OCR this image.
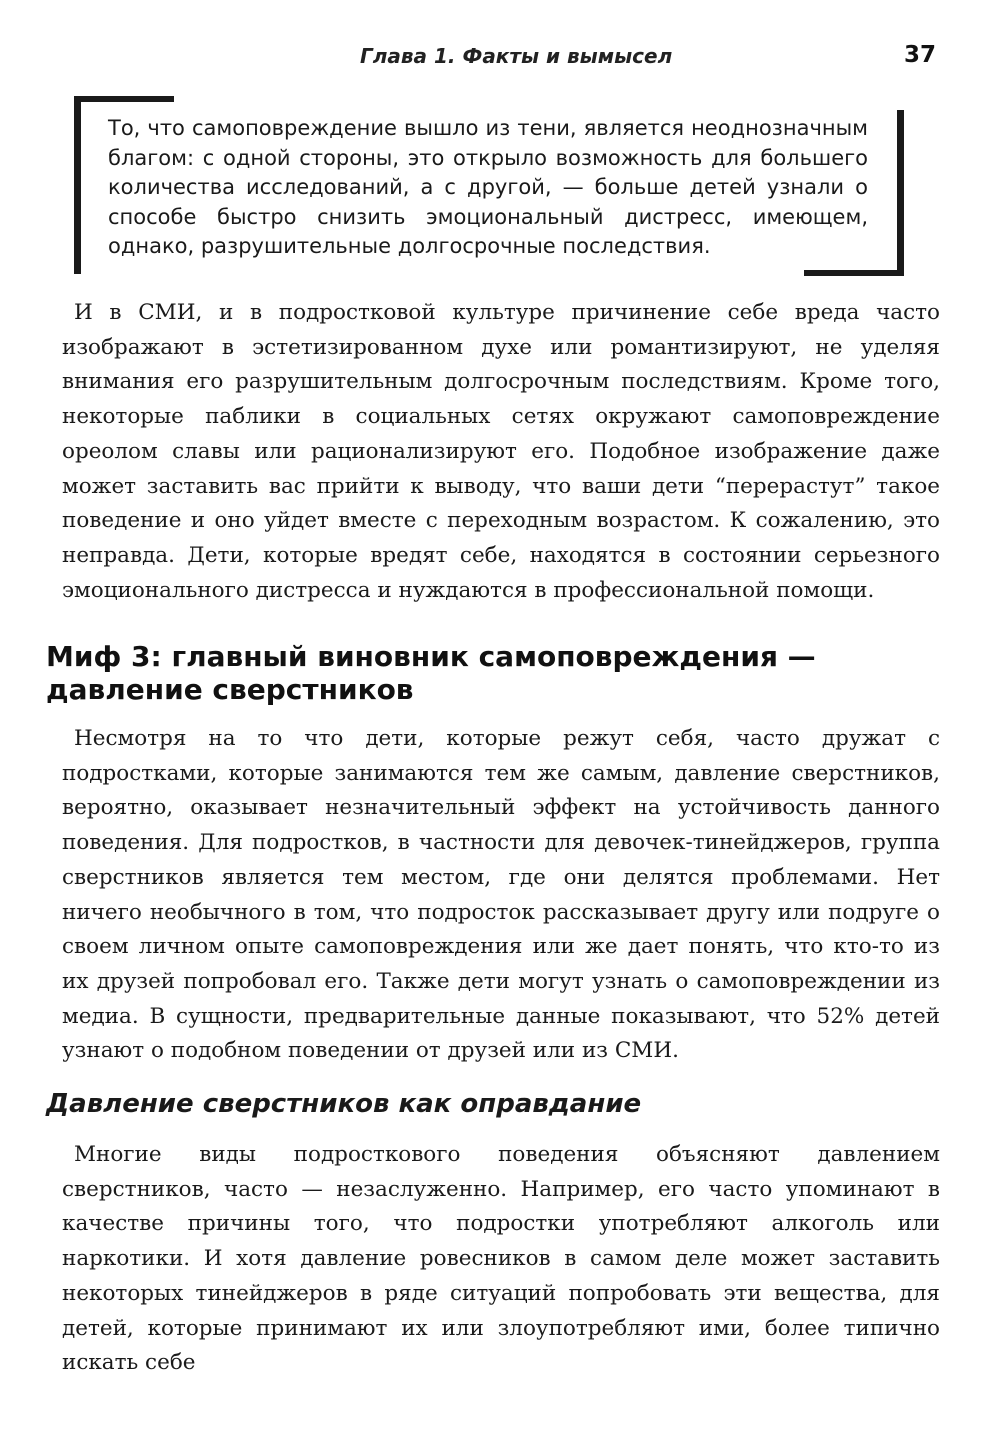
Глава 1. Факты и вымысел	37
То, что самоповреждение вышло из тени, является неоднозначным благом: с одной стороны, это открыло возможность для большего количества исследований, а с другой, — больше детей узнали о способе быстро снизить эмоциональный дистресс, имеющем, однако, разрушительные долгосрочные последствия.

И в СМИ, и в подростковой культуре причинение себе вреда часто изображают в эстетизированном духе или романтизируют, не уделяя внимания его разрушительным долгосрочным последствиям. Кроме того, некоторые паблики в социальных сетях окружают самоповреждение ореолом славы или рационализируют его. Подобное изображение даже может заставить вас прийти к выводу, что ваши дети “перерастут” такое поведение и оно уйдет вместе с переходным возрастом. К сожалению, это неправда. Дети, которые вредят себе, находятся в состоянии серьезного эмоционального дистресса и нуждаются в профессиональной помощи.

Миф 3: главный виновник самоповреждения — давление сверстников

Несмотря на то что дети, которые режут себя, часто дружат с подростками, которые занимаются тем же самым, давление сверстников, вероятно, оказывает незначительный эффект на устойчивость данного поведения. Для подростков, в частности для девочек-тинейджеров, группа сверстников является тем местом, где они делятся проблемами. Нет ничего необычного в том, что подросток рассказывает другу или подруге о своем личном опыте самоповреждения или же дает понять, что кто-то из их друзей попробовал его. Также дети могут узнать о самоповреждении из медиа. В сущности, предварительные данные показывают, что 52% детей узнают о подобном поведении от друзей или из СМИ.

Давление сверстников как оправдание

Многие виды подросткового поведения объясняют давлением сверстников, часто — незаслуженно. Например, его часто упоминают в качестве причины того, что подростки употребляют алкоголь или наркотики. И хотя давление ровесников в самом деле может заставить некоторых тинейджеров в ряде ситуаций попробовать эти вещества, для детей, которые принимают их или злоупотребляют ими, более типично искать себе
